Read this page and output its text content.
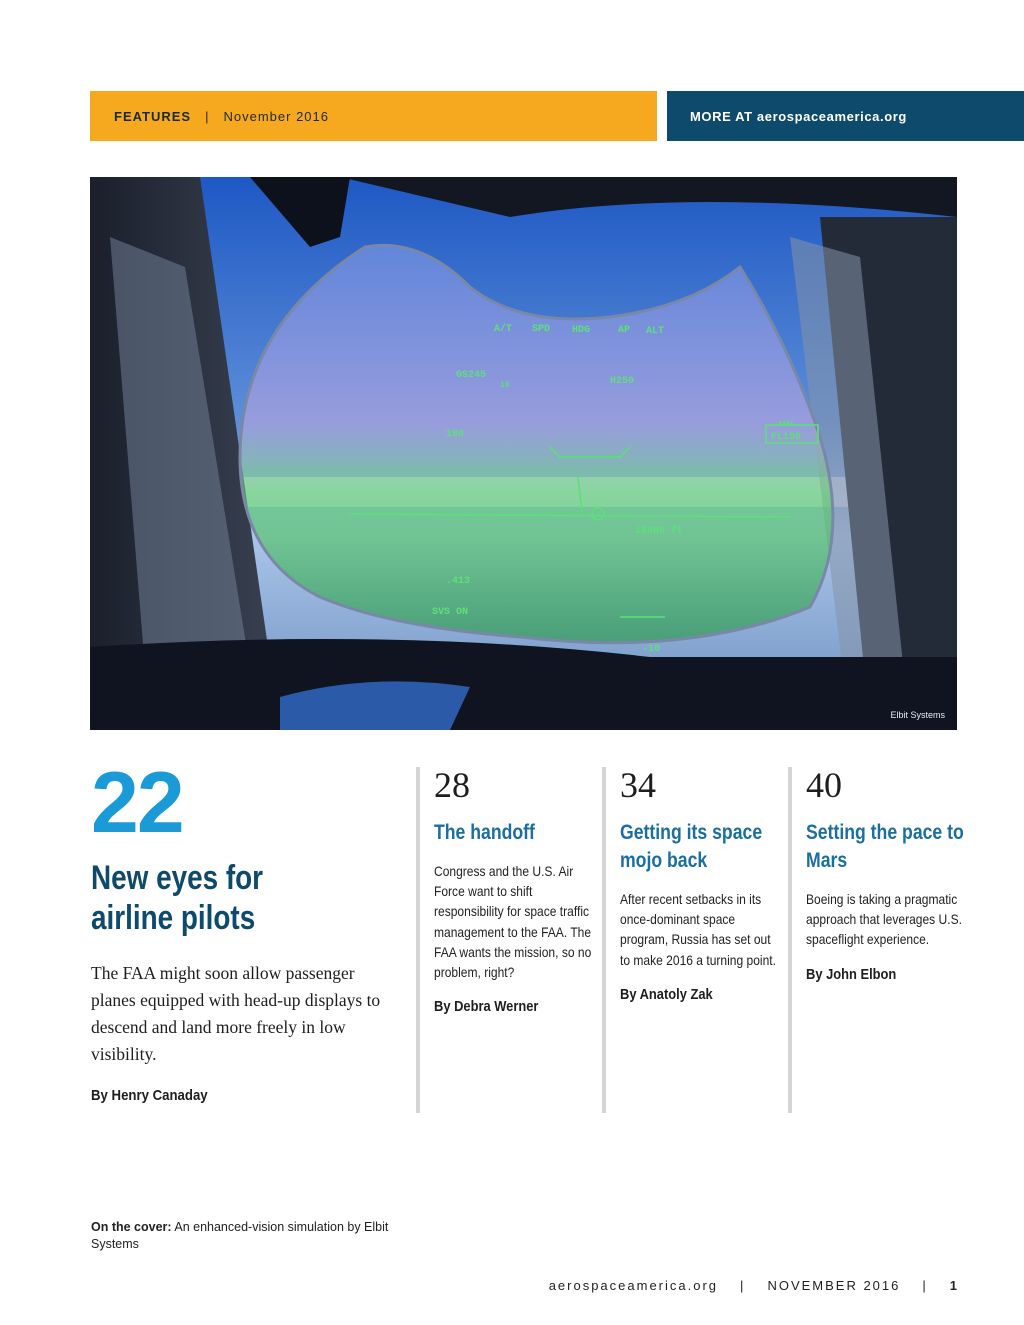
FEATURES | November 2016	MORE AT aerospaceamerica.org
A/T SPD HDG	AP ALT
GS245
19	H250
ASEL
FL150
180
15000 ft
.413
SVS ON
-10
Elbit Systems
22
New eyes for airline pilots
The FAA might soon allow passenger planes equipped with head-up displays to descend and land more freely in low visibility.
By Henry Canaday
28
The handoff
Congress and the U.S. Air Force want to shift responsibility for space traffic management to the FAA. The FAA wants the mission, so no problem, right?
By Debra Werner
34
Getting its space mojo back
After recent setbacks in its once-dominant space program, Russia has set out to make 2016 a turning point.
By Anatoly Zak
40
Setting the pace to Mars
Boeing is taking a pragmatic approach that leverages U.S. spaceflight experience.
By John Elbon
On the cover: An enhanced-vision simulation by Elbit Systems
aerospaceamerica.org | NOVEMBER 2016 | 1
